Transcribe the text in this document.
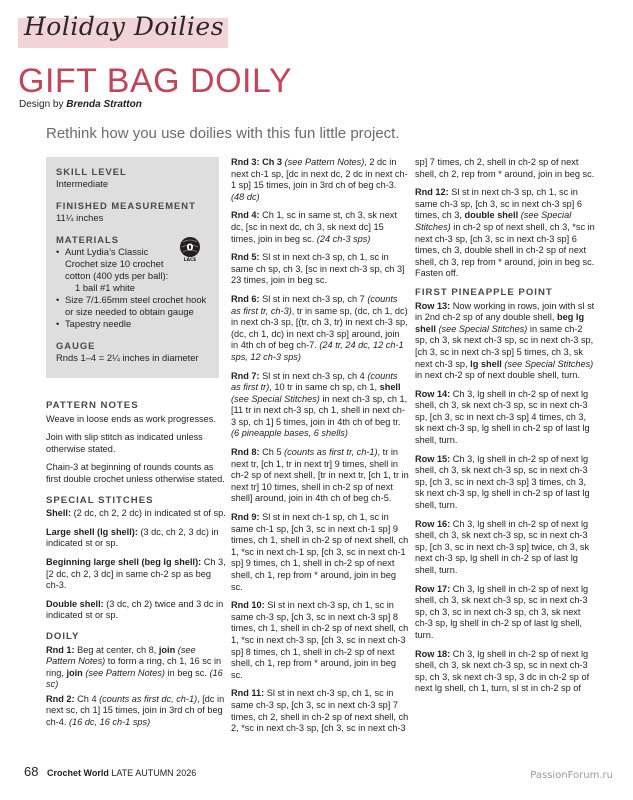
Holiday Doilies
GIFT BAG DOILY
Design by Brenda Stratton
Rethink how you use doilies with this fun little project.

SKILL LEVEL

Intermediate

FINISHED MEASUREMENT

11¼ inches

MATERIALS

• Aunt Lydia’s Classic Crochet size 10 crochet cotton (400 yds per ball):
1 ball #1 white
• Size 7/1.65mm steel crochet hook or size needed to obtain gauge
• Tapestry needle

GAUGE

Rnds 1–4 = 2¼ inches in diameter

0
LACE

PATTERN NOTES

Weave in loose ends as work progresses.

Join with slip stitch as indicated unless otherwise stated.

Chain-3 at beginning of rounds counts as first double crochet unless otherwise stated.

SPECIAL STITCHES

Shell: (2 dc, ch 2, 2 dc) in indicated st of sp.

Large shell (lg shell): (3 dc, ch 2, 3 dc) in indicated st or sp.

Beginning large shell (beg lg shell): Ch 3, [2 dc, ch 2, 3 dc] in same ch-2 sp as beg ch-3.

Double shell: (3 dc, ch 2) twice and 3 dc in indicated st or sp.

DOILY

Rnd 1: Beg at center, ch 8, join (see Pattern Notes) to form a ring, ch 1, 16 sc in ring, join (see Pattern Notes) in beg sc. (16 sc)

Rnd 2: Ch 4 (counts as first dc, ch-1), [dc in next sc, ch 1] 15 times, join in 3rd ch of beg ch-4. (16 dc, 16 ch-1 sps)

Rnd 3: Ch 3 (see Pattern Notes), 2 dc in next ch-1 sp, [dc in next dc, 2 dc in next ch-1 sp] 15 times, join in 3rd ch of beg ch-3. (48 dc)

Rnd 4: Ch 1, sc in same st, ch 3, sk next dc, [sc in next dc, ch 3, sk next dc] 15 times, join in beg sc. (24 ch-3 sps)

Rnd 5: Sl st in next ch-3 sp, ch 1, sc in same ch sp, ch 3, [sc in next ch-3 sp, ch 3] 23 times, join in beg sc.

Rnd 6: Sl st in next ch-3 sp, ch 7 (counts as first tr, ch-3), tr in same sp, (dc, ch 1, dc) in next ch-3 sp, [(tr, ch 3, tr) in next ch-3 sp, (dc, ch 1, dc) in next ch-3 sp] around, join in 4th ch of beg ch-7. (24 tr, 24 dc, 12 ch-1 sps, 12 ch-3 sps)

Rnd 7: Sl st in next ch-3 sp, ch 4 (counts as first tr), 10 tr in same ch sp, ch 1, shell (see Special Stitches) in next ch-3 sp, ch 1, [11 tr in next ch-3 sp, ch 1, shell in next ch-3 sp, ch 1] 5 times, join in 4th ch of beg tr. (6 pineapple bases, 6 shells)

Rnd 8: Ch 5 (counts as first tr, ch-1), tr in next tr, [ch 1, tr in next tr] 9 times, shell in ch-2 sp of next shell, [tr in next tr, [ch 1, tr in next tr] 10 times, shell in ch-2 sp of next shell] around, join in 4th ch of beg ch-5.

Rnd 9: Sl st in next ch-1 sp, ch 1, sc in same ch-1 sp, [ch 3, sc in next ch-1 sp] 9 times, ch 1, shell in ch-2 sp of next shell, ch 1, *sc in next ch-1 sp, [ch 3, sc in next ch-1 sp] 9 times, ch 1, shell in ch-2 sp of next shell, ch 1, rep from * around, join in beg sc.

Rnd 10: Sl st in next ch-3 sp, ch 1, sc in same ch-3 sp, [ch 3, sc in next ch-3 sp] 8 times, ch 1, shell in ch-2 sp of next shell, ch 1, *sc in next ch-3 sp, [ch 3, sc in next ch-3 sp] 8 times, ch 1, shell in ch-2 sp of next shell, ch 1, rep from * around, join in beg sc.

Rnd 11: Sl st in next ch-3 sp, ch 1, sc in same ch-3 sp, [ch 3, sc in next ch-3 sp] 7 times, ch 2, shell in ch-2 sp of next shell, ch 2, *sc in next ch-3 sp, [ch 3, sc in next ch-3

sp] 7 times, ch 2, shell in ch-2 sp of next shell, ch 2, rep from * around, join in beg sc.

Rnd 12: Sl st in next ch-3 sp, ch 1, sc in same ch-3 sp, [ch 3, sc in next ch-3 sp] 6 times, ch 3, double shell (see Special Stitches) in ch-2 sp of next shell, ch 3, *sc in next ch-3 sp, [ch 3, sc in next ch-3 sp] 6 times, ch 3, double shell in ch-2 sp of next shell, ch 3, rep from * around, join in beg sc. Fasten off.

FIRST PINEAPPLE POINT

Row 13: Now working in rows, join with sl st in 2nd ch-2 sp of any double shell, beg lg shell (see Special Stitches) in same ch-2 sp, ch 3, sk next ch-3 sp, sc in next ch-3 sp, [ch 3, sc in next ch-3 sp] 5 times, ch 3, sk next ch-3 sp, lg shell (see Special Stitches) in next ch-2 sp of next double shell, turn.

Row 14: Ch 3, lg shell in ch-2 sp of next lg shell, ch 3, sk next ch-3 sp, sc in next ch-3 sp, [ch 3, sc in next ch-3 sp] 4 times, ch 3, sk next ch-3 sp, lg shell in ch-2 sp of last lg shell, turn.

Row 15: Ch 3, lg shell in ch-2 sp of next lg shell, ch 3, sk next ch-3 sp, sc in next ch-3 sp, [ch 3, sc in next ch-3 sp] 3 times, ch 3, sk next ch-3 sp, lg shell in ch-2 sp of last lg shell, turn.

Row 16: Ch 3, lg shell in ch-2 sp of next lg shell, ch 3, sk next ch-3 sp, sc in next ch-3 sp, [ch 3, sc in next ch-3 sp] twice, ch 3, sk next ch-3 sp, lg shell in ch-2 sp of last lg shell, turn.

Row 17: Ch 3, lg shell in ch-2 sp of next lg shell, ch 3, sk next ch-3 sp, sc in next ch-3 sp, ch 3, sc in next ch-3 sp, ch 3, sk next ch-3 sp, lg shell in ch-2 sp of last lg shell, turn.

Row 18: Ch 3, lg shell in ch-2 sp of next lg shell, ch 3, sk next ch-3 sp, sc in next ch-3 sp, ch 3, sk next ch-3 sp, 3 dc in ch-2 sp of next lg shell, ch 1, turn, sl st in ch-2 sp of

68 Crochet World LATE AUTUMN 2026	PassionForum.ru
